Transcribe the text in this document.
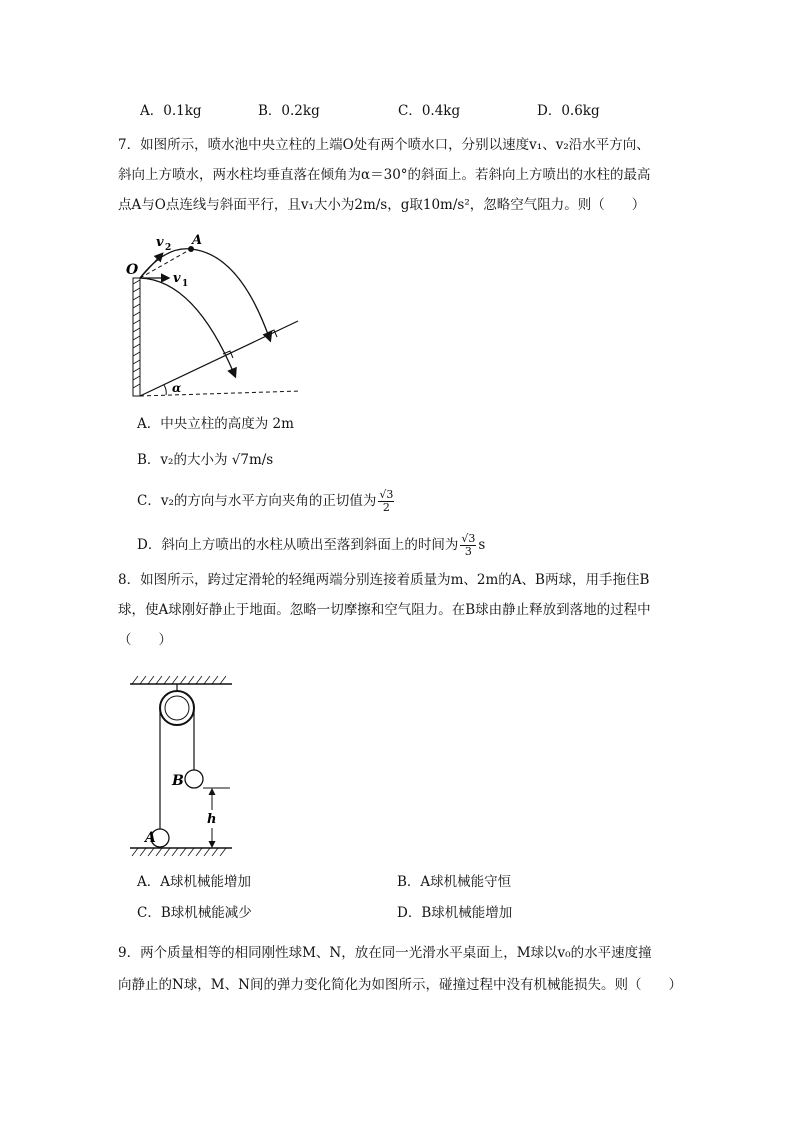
A．0.1kg	B．0.2kg	C．0.4kg	D．0.6kg
7．如图所示，喷水池中央立柱的上端O处有两个喷水口，分别以速度v₁、v₂沿水平方向、
斜向上方喷水，两水柱均垂直落在倾角为α＝30°的斜面上。若斜向上方喷出的水柱的最高
点A与O点连线与斜面平行，且v₁大小为2m/s，g取10m/s²，忽略空气阻力。则（　　）
O
A
v 2
v 1
α
A．中央立柱的高度为 2m
B．v₂的大小为 √7m/s
C．v₂的方向与水平方向夹角的正切值为 $\frac{√3}{2}$
D．斜向上方喷出的水柱从喷出至落到斜面上的时间为 $\frac{√3}{3}$ s
8．如图所示，跨过定滑轮的轻绳两端分别连接着质量为m、2m的A、B两球，用手拖住B
球，使A球刚好静止于地面。忽略一切摩擦和空气阻力。在B球由静止释放到落地的过程中
（　　）
B
A
h
A．A球机械能增加	B．A球机械能守恒
C．B球机械能减少	D．B球机械能增加
9．两个质量相等的相同刚性球M、N，放在同一光滑水平桌面上，M球以v₀的水平速度撞
向静止的N球，M、N间的弹力变化简化为如图所示，碰撞过程中没有机械能损失。则（　　）
